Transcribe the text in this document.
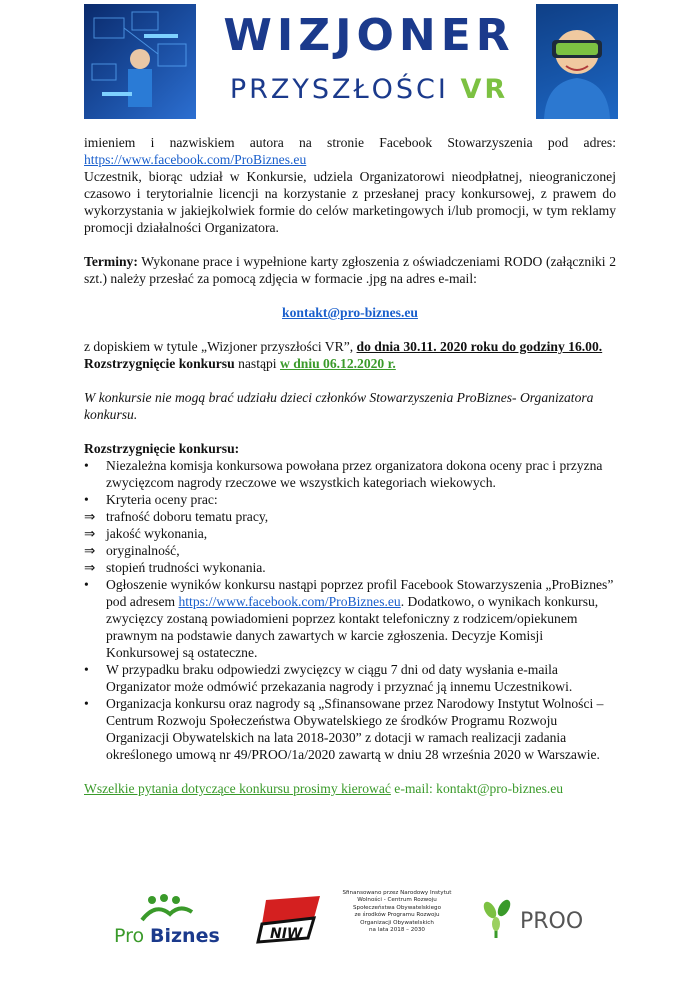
WIZJONER
PRZYSZŁOŚCI VR

imieniem i nazwiskiem autora na stronie Facebook Stowarzyszenia pod adres:

https://www.facebook.com/ProBiznes.eu

Uczestnik, biorąc udział w Konkursie, udziela Organizatorowi nieodpłatnej, nieograniczonej czasowo i terytorialnie licencji na korzystanie z przesłanej pracy konkursowej, z prawem do wykorzystania w jakiejkolwiek formie do celów marketingowych i/lub promocji, w tym reklamy promocji działalności Organizatora.

Terminy: Wykonane prace i wypełnione karty zgłoszenia z oświadczeniami RODO (załączniki 2 szt.) należy przesłać za pomocą zdjęcia w formacie .jpg na adres e-mail:

kontakt@pro-biznes.eu

z dopiskiem w tytule „Wizjoner przyszłości VR”, do dnia 30.11. 2020 roku do godziny 16.00. Rozstrzygnięcie konkursu nastąpi w dniu 06.12.2020 r.

W konkursie nie mogą brać udziału dzieci członków Stowarzyszenia ProBiznes- Organizatora konkursu.

Rozstrzygnięcie konkursu:

•
Niezależna komisja konkursowa powołana przez organizatora dokona oceny prac i przyzna zwycięzcom nagrody rzeczowe we wszystkich kategoriach wiekowych.
•
Kryteria oceny prac:
⇒ trafność doboru tematu pracy,
⇒ jakość wykonania,
⇒ oryginalność,
⇒ stopień trudności wykonania.
•
Ogłoszenie wyników konkursu nastąpi poprzez profil Facebook Stowarzyszenia „ProBiznes”
pod adresem https://www.facebook.com/ProBiznes.eu. Dodatkowo, o wynikach konkursu, zwycięzcy zostaną powiadomieni poprzez kontakt telefoniczny z rodzicem/opiekunem prawnym na podstawie danych zawartych w karcie zgłoszenia. Decyzje Komisji Konkursowej są ostateczne.
•
W przypadku braku odpowiedzi zwycięzcy w ciągu 7 dni od daty wysłania e-maila Organizator może odmówić przekazania nagrody i przyznać ją innemu Uczestnikowi.
•
Organizacja konkursu oraz nagrody są „Sfinansowane przez Narodowy Instytut Wolności – Centrum Rozwoju Społeczeństwa Obywatelskiego ze środków Programu Rozwoju Organizacji Obywatelskich na lata 2018-2030” z dotacji w ramach realizacji zadania określonego umową nr 49/PROO/1a/2020 zawartą w dniu 28 września 2020 w Warszawie.

Wszelkie pytania dotyczące konkursu prosimy kierować e-mail: kontakt@pro-biznes.eu

Pro Biznes	NIW
Sfinansowano przez Narodowy Instytut
Wolności - Centrum Rozwoju
Społeczeństwa Obywatelskiego
ze środków Programu Rozwoju
Organizacji Obywatelskich
na lata 2018 – 2030	PROO
